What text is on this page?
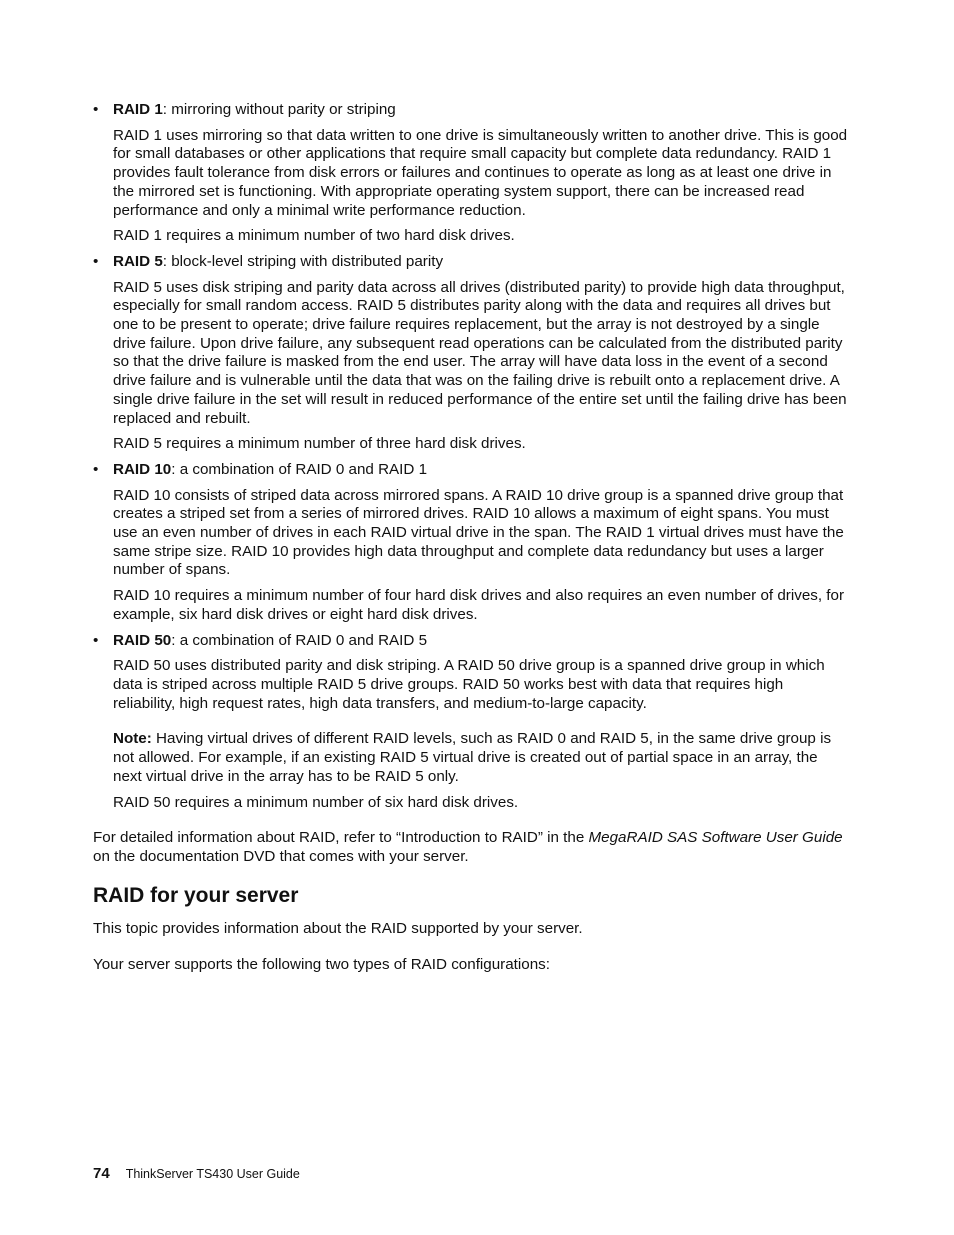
• RAID 1: mirroring without parity or striping

RAID 1 uses mirroring so that data written to one drive is simultaneously written to another drive. This is good for small databases or other applications that require small capacity but complete data redundancy. RAID 1 provides fault tolerance from disk errors or failures and continues to operate as long as at least one drive in the mirrored set is functioning. With appropriate operating system support, there can be increased read performance and only a minimal write performance reduction.

RAID 1 requires a minimum number of two hard disk drives.

• RAID 5: block-level striping with distributed parity

RAID 5 uses disk striping and parity data across all drives (distributed parity) to provide high data throughput, especially for small random access. RAID 5 distributes parity along with the data and requires all drives but one to be present to operate; drive failure requires replacement, but the array is not destroyed by a single drive failure. Upon drive failure, any subsequent read operations can be calculated from the distributed parity so that the drive failure is masked from the end user. The array will have data loss in the event of a second drive failure and is vulnerable until the data that was on the failing drive is rebuilt onto a replacement drive. A single drive failure in the set will result in reduced performance of the entire set until the failing drive has been replaced and rebuilt.

RAID 5 requires a minimum number of three hard disk drives.

• RAID 10: a combination of RAID 0 and RAID 1

RAID 10 consists of striped data across mirrored spans. A RAID 10 drive group is a spanned drive group that creates a striped set from a series of mirrored drives. RAID 10 allows a maximum of eight spans. You must use an even number of drives in each RAID virtual drive in the span. The RAID 1 virtual drives must have the same stripe size. RAID 10 provides high data throughput and complete data redundancy but uses a larger number of spans.

RAID 10 requires a minimum number of four hard disk drives and also requires an even number of drives, for example, six hard disk drives or eight hard disk drives.

• RAID 50: a combination of RAID 0 and RAID 5

RAID 50 uses distributed parity and disk striping. A RAID 50 drive group is a spanned drive group in which data is striped across multiple RAID 5 drive groups. RAID 50 works best with data that requires high reliability, high request rates, high data transfers, and medium-to-large capacity.

Note: Having virtual drives of different RAID levels, such as RAID 0 and RAID 5, in the same drive group is not allowed. For example, if an existing RAID 5 virtual drive is created out of partial space in an array, the next virtual drive in the array has to be RAID 5 only.

RAID 50 requires a minimum number of six hard disk drives.

For detailed information about RAID, refer to “Introduction to RAID” in the MegaRAID SAS Software User Guide on the documentation DVD that comes with your server.

RAID for your server

This topic provides information about the RAID supported by your server.

Your server supports the following two types of RAID configurations:

74 ThinkServer TS430 User Guide
